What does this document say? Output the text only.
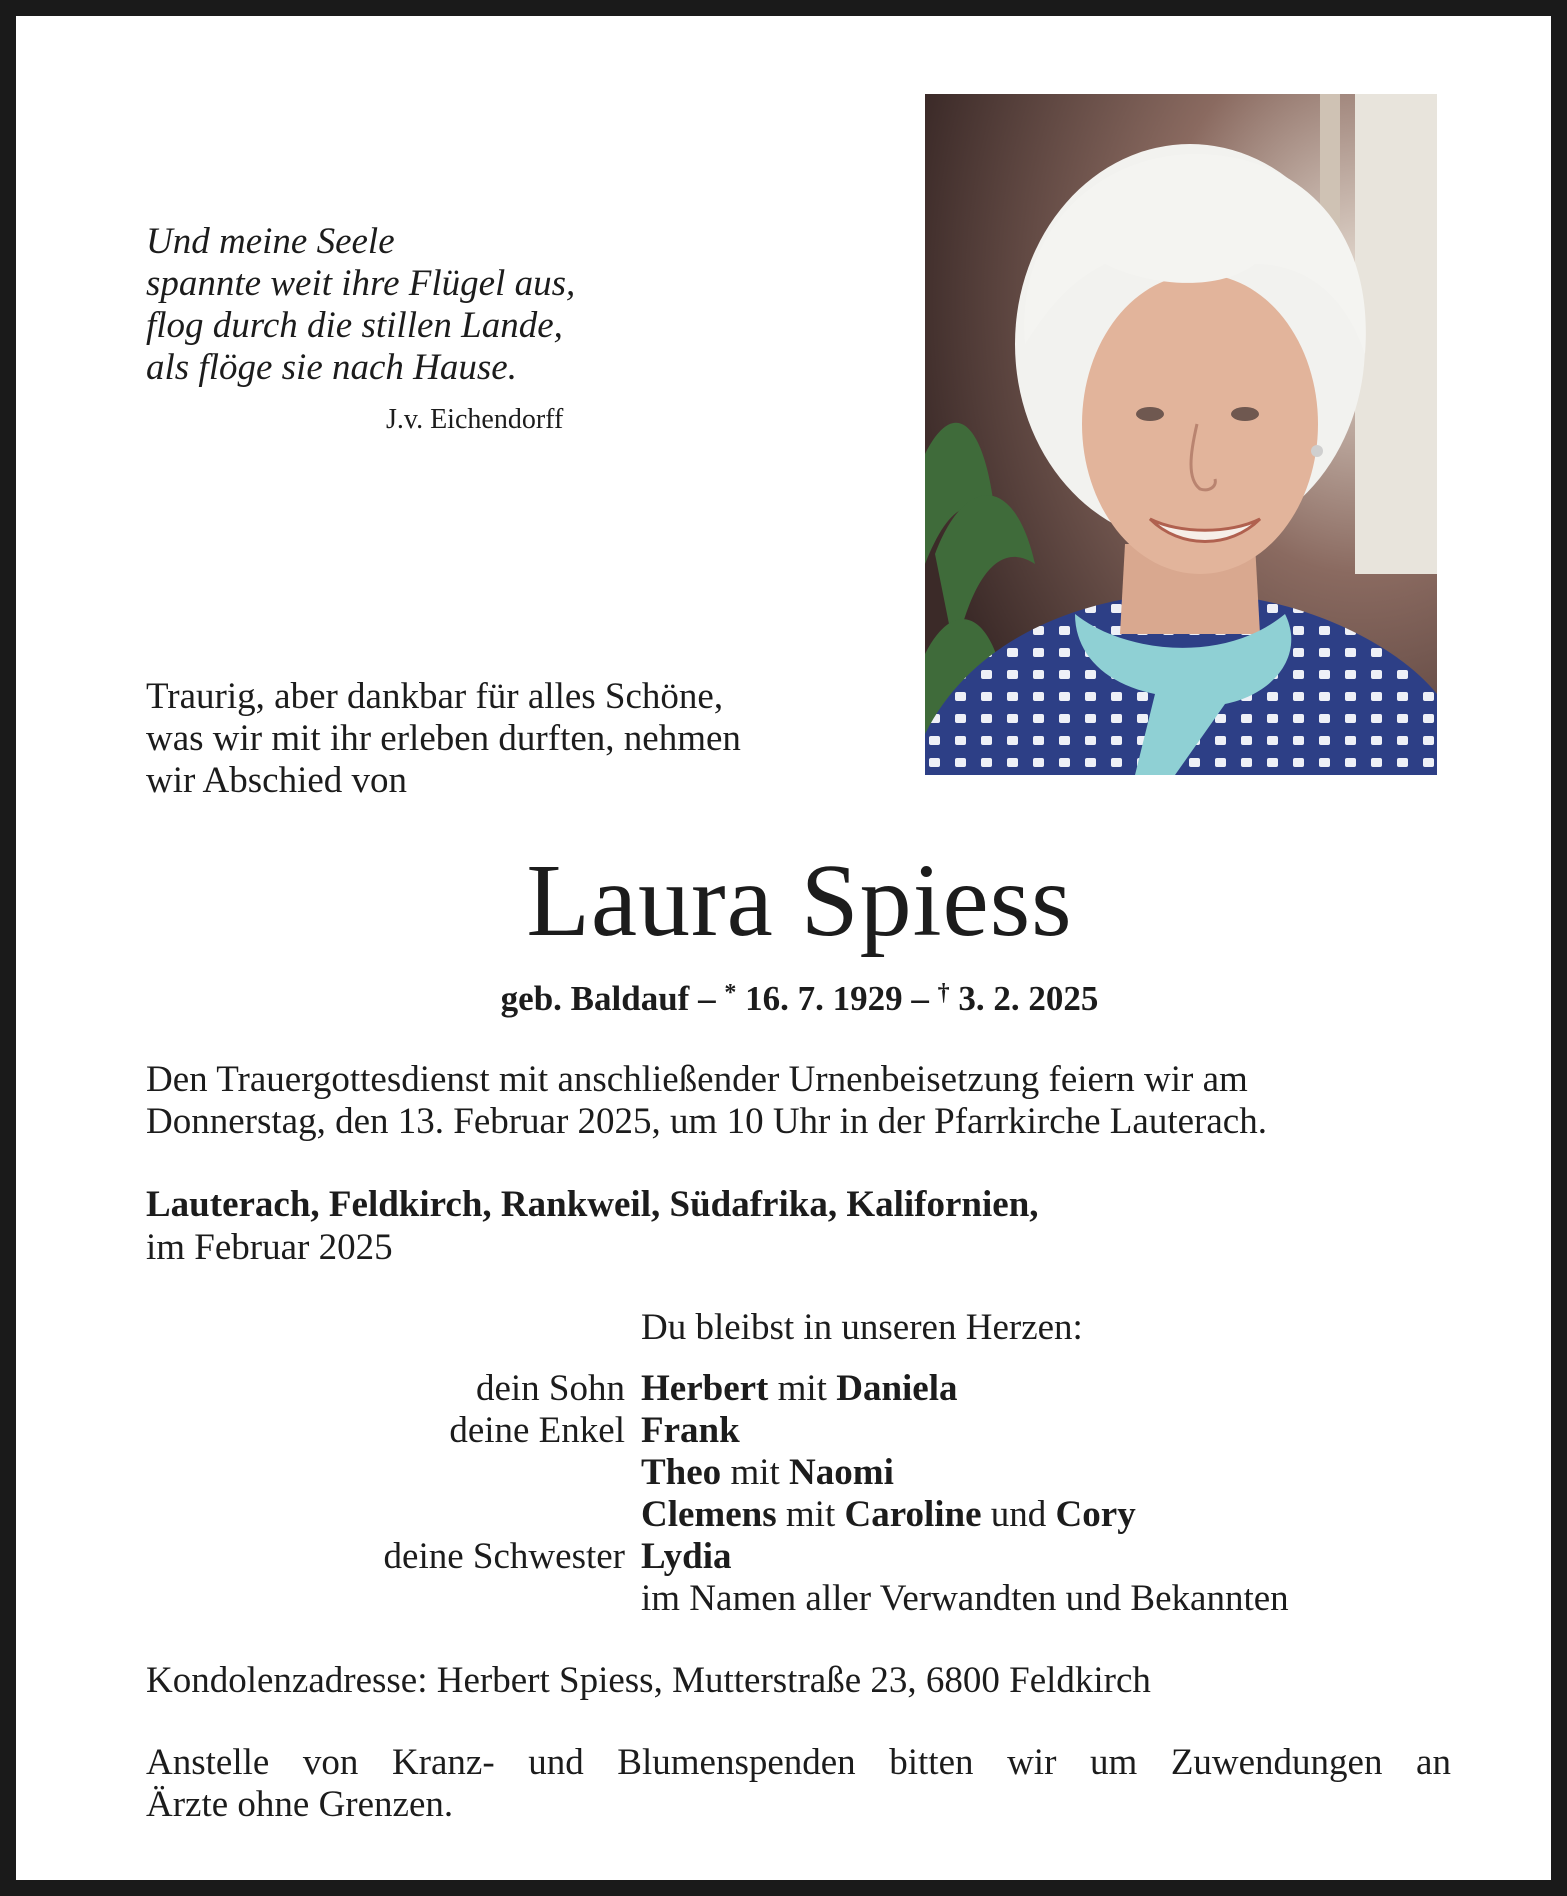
Und meine Seele
spannte weit ihre Flügel aus,
flog durch die stillen Lande,
als flöge sie nach Hause.
J.v. Eichendorff
Traurig, aber dankbar für alles Schöne,
was wir mit ihr erleben durften, nehmen
wir Abschied von
Laura Spiess
geb. Baldauf – * 16. 7. 1929 – † 3. 2. 2025
Den Trauergottesdienst mit anschließender Urnenbeisetzung feiern wir am
Donnerstag, den 13. Februar 2025, um 10 Uhr in der Pfarrkirche Lauterach.
Lauterach, Feldkirch, Rankweil, Südafrika, Kalifornien,
im Februar 2025
Du bleibst in unseren Herzen:
dein Sohn Herbert mit Daniela
deine Enkel Frank
Theo mit Naomi
Clemens mit Caroline und Cory
deine Schwester Lydia
im Namen aller Verwandten und Bekannten
Kondolenzadresse: Herbert Spiess, Mutterstraße 23, 6800 Feldkirch
Anstelle von Kranz- und Blumenspenden bitten wir um Zuwendungen an
Ärzte ohne Grenzen.
